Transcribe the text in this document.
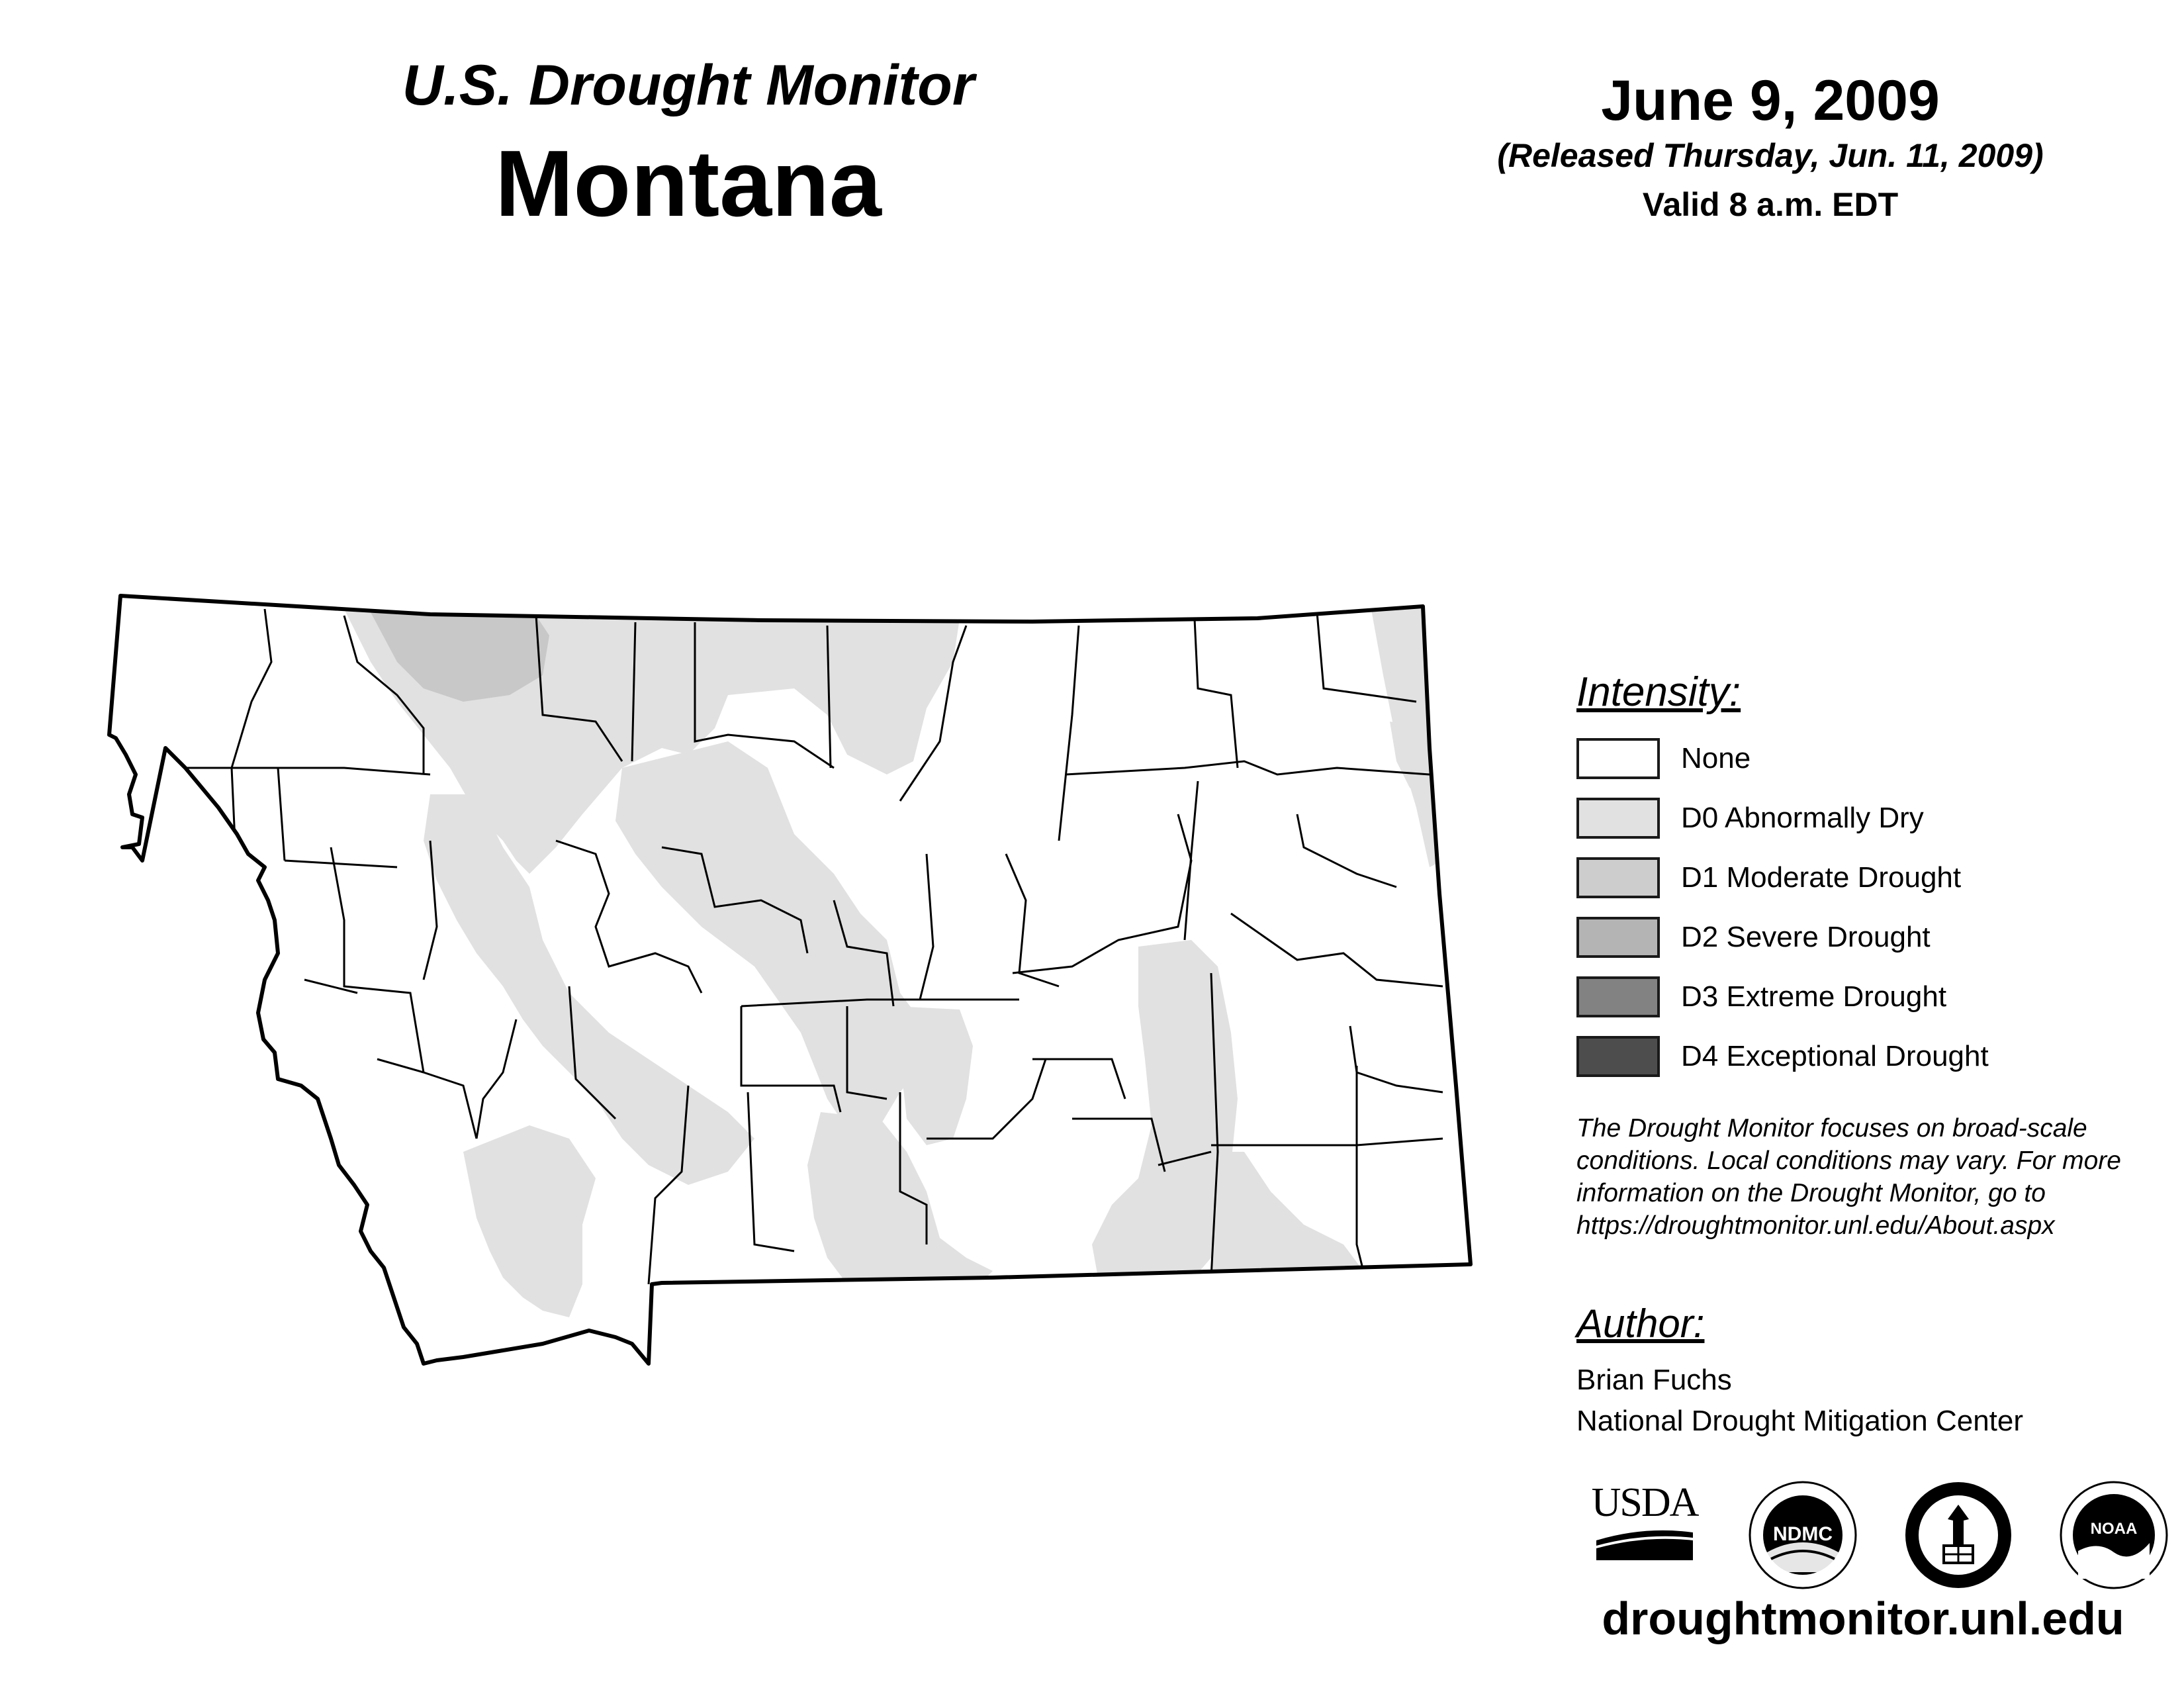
U.S. Drought Monitor
Montana
June 9, 2009
(Released Thursday, Jun. 11, 2009)
Valid 8 a.m. EDT
Intensity:
None
D0 Abnormally Dry
D1 Moderate Drought
D2 Severe Drought
D3 Extreme Drought
D4 Exceptional Drought
The Drought Monitor focuses on broad-scale
conditions. Local conditions may vary. For more
information on the Drought Monitor, go to
https://droughtmonitor.unl.edu/About.aspx
Author:
Brian Fuchs
National Drought Mitigation Center
USDA
NDMC	NOAA
droughtmonitor.unl.edu
